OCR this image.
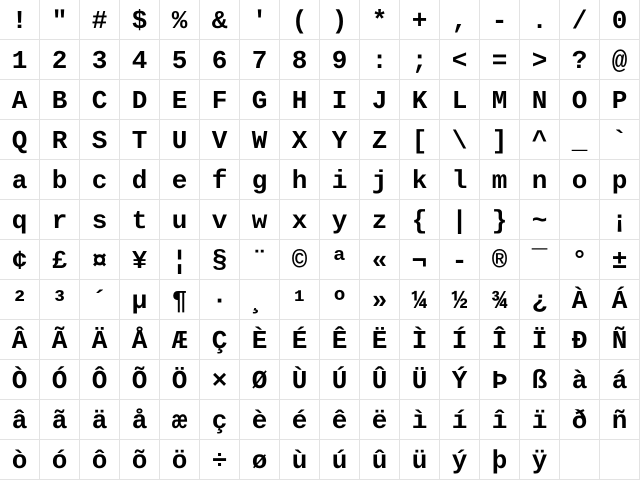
! " # $ % & ' ( ) * + , - . / 0
1 2 3 4 5 6 7 8 9 : ; < = > ? @
A B C D E F G H I J K L M N O P
Q R S T U V W X Y Z [ \ ] ^ _ `
a b c d e f g h i j k l m n o p
q r s t u v w x y z { | } ~	¡
¢ £ ¤ ¥ ¦ § ¨ © ª « ¬ - ® ¯ ° ±
² ³ ´ µ ¶ · ¸ ¹ º » ¼ ½ ¾ ¿ À Á
Â Ã Ä Å Æ Ç È É Ê Ë Ì Í Î Ï Ð Ñ
Ò Ó Ô Õ Ö × Ø Ù Ú Û Ü Ý Þ ß à á
â ã ä å æ ç è é ê ë ì í î ï ð ñ
ò ó ô õ ö ÷ ø ù ú û ü ý þ ÿ
